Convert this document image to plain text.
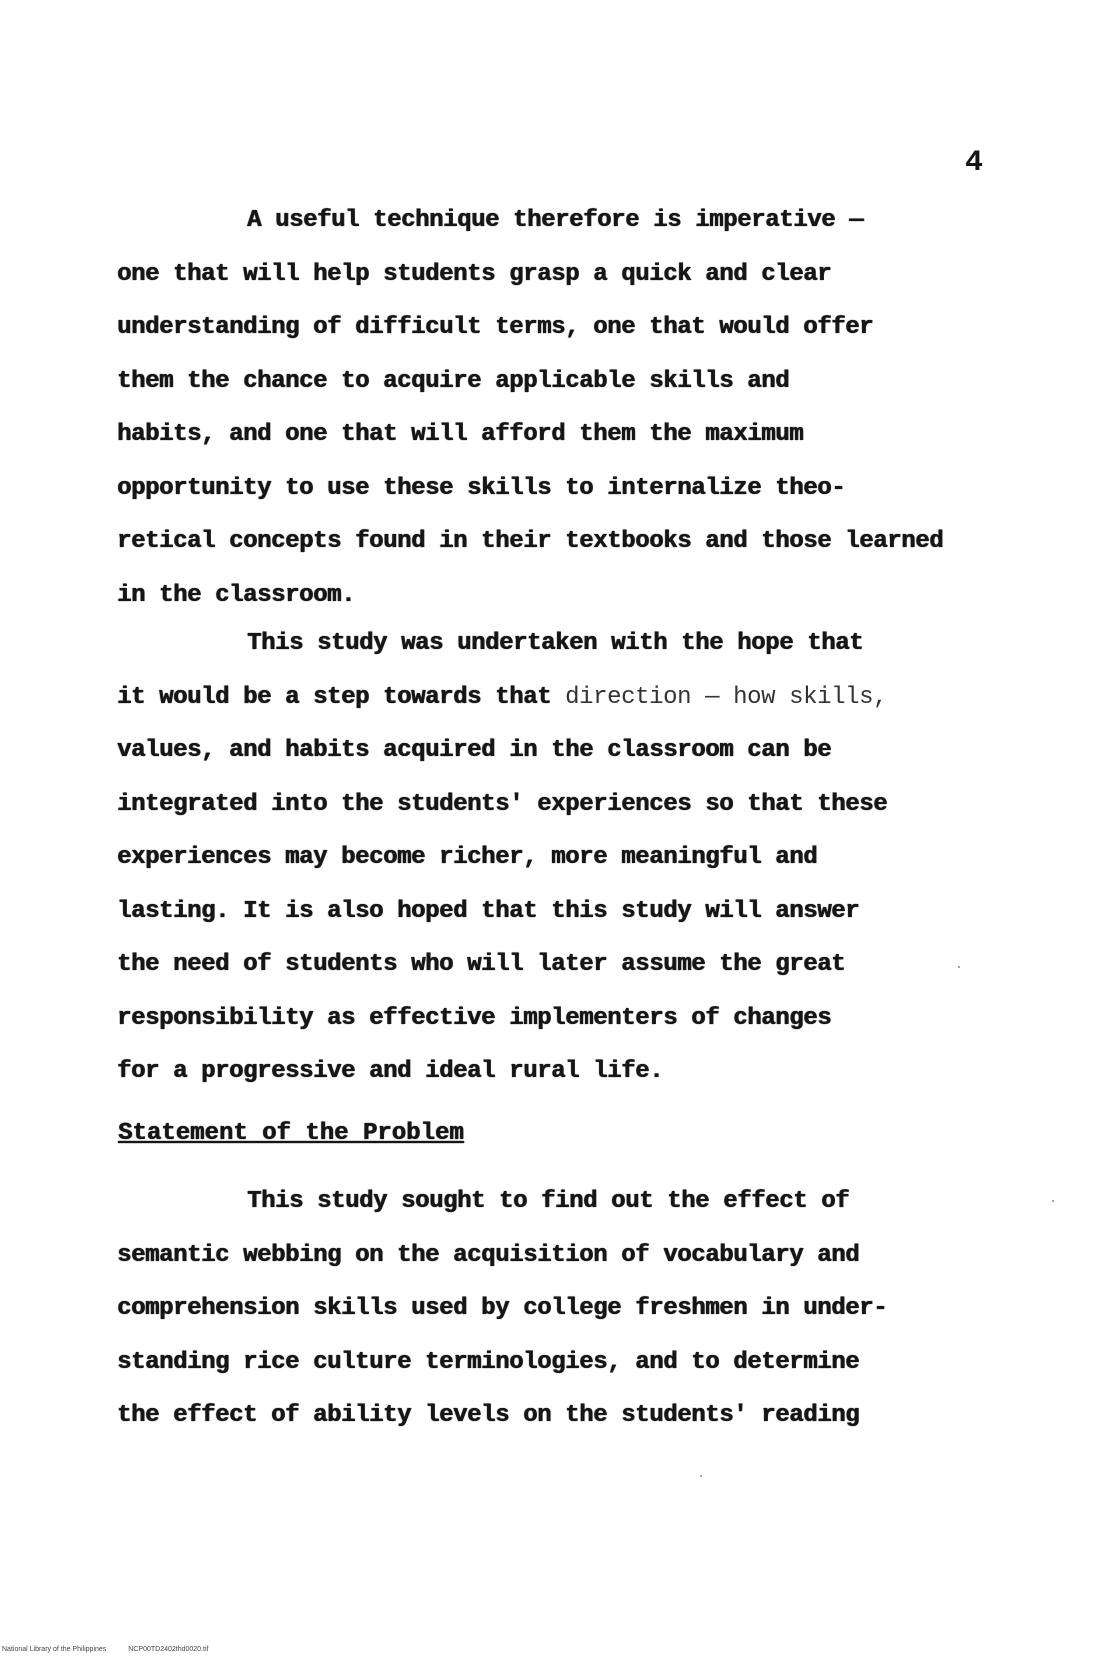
4
A useful technique therefore is imperative —
one that will help students grasp a quick and clear
understanding of difficult terms, one that would offer
them the chance to acquire applicable skills and
habits, and one that will afford them the maximum
opportunity to use these skills to internalize theo-
retical concepts found in their textbooks and those learned
in the classroom.
This study was undertaken with the hope that
it would be a step towards that direction — how skills,
values, and habits acquired in the classroom can be
integrated into the students' experiences so that these
experiences may become richer, more meaningful and
lasting. It is also hoped that this study will answer
the need of students who will later assume the great
responsibility as effective implementers of changes
for a progressive and ideal rural life.
Statement of the Problem
This study sought to find out the effect of
semantic webbing on the acquisition of vocabulary and
comprehension skills used by college freshmen in under-
standing rice culture terminologies, and to determine
the effect of ability levels on the students' reading
National Library of the Philippines	NCP00TD2402thd0020.tif
